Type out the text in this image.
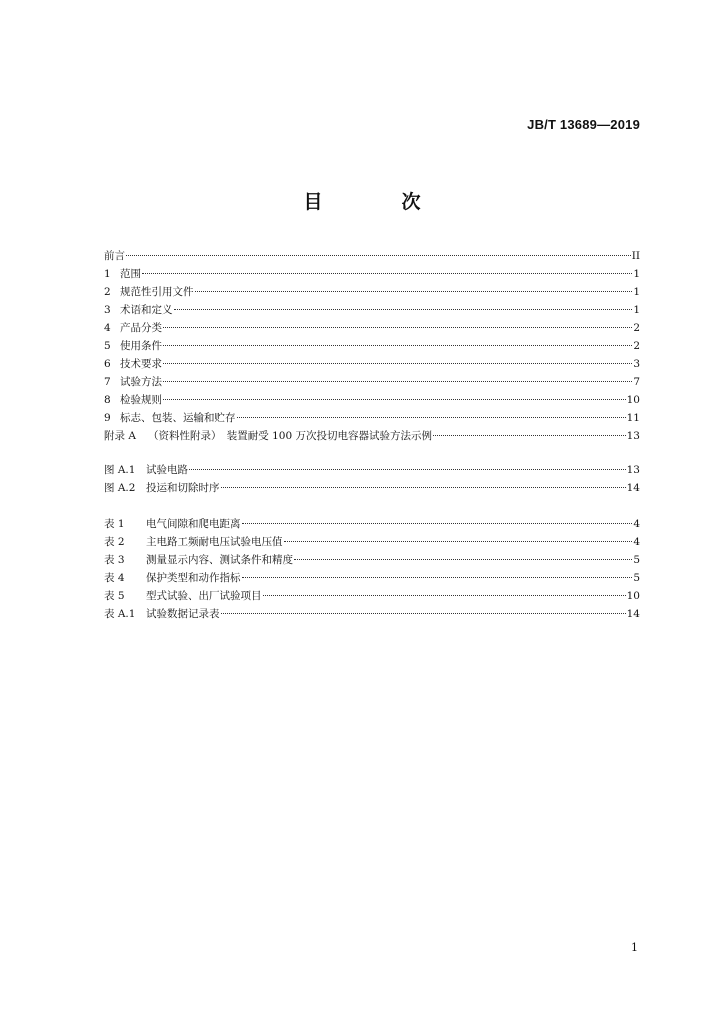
JB/T 13689—2019
目　次
前言	II
1 范围	1
2 规范性引用文件	1
3 术语和定义	1
4 产品分类	2
5 使用条件	2
6 技术要求	3
7 试验方法	7
8 检验规则	10
9 标志、包装、运输和贮存	11
附录 A	（资料性附录）　装置耐受 100 万次投切电容器试验方法示例	13
图 A.1	试验电路	13
图 A.2	投运和切除时序	14
表 1	电气间隙和爬电距离	4
表 2	主电路工频耐电压试验电压值	4
表 3	测量显示内容、测试条件和精度	5
表 4	保护类型和动作指标	5
表 5	型式试验、出厂试验项目	10
表 A.1	试验数据记录表	14
1
